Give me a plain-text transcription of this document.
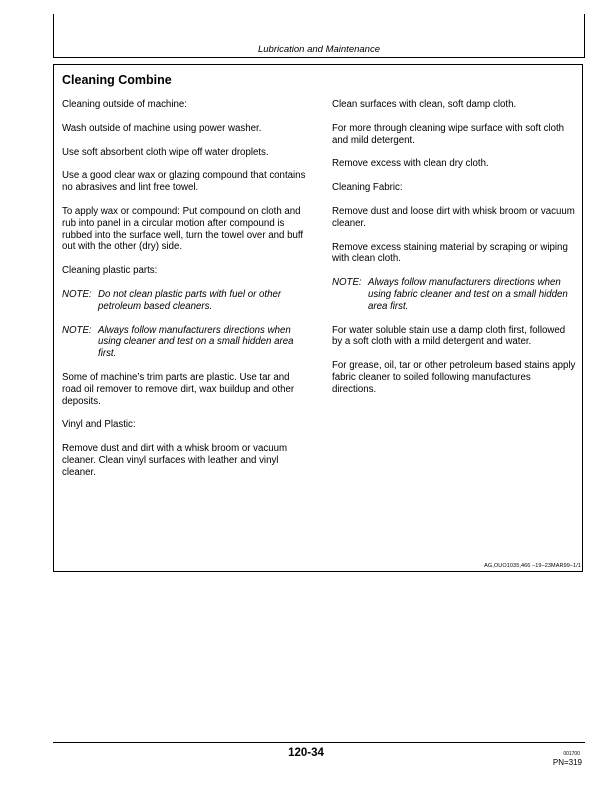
Lubrication and Maintenance
Cleaning Combine

Cleaning outside of machine:

Wash outside of machine using power washer.

Use soft absorbent cloth wipe off water droplets.

Use a good clear wax or glazing compound that contains no abrasives and lint free towel.

To apply wax or compound: Put compound on cloth and rub into panel in a circular motion after compound is rubbed into the surface well, turn the towel over and buff out with the other (dry) side.

Cleaning plastic parts:

NOTE: Do not clean plastic parts with fuel or other petroleum based cleaners.

NOTE: Always follow manufacturers directions when using cleaner and test on a small hidden area first.

Some of machine’s trim parts are plastic. Use tar and road oil remover to remove dirt, wax buildup and other deposits.

Vinyl and Plastic:

Remove dust and dirt with a whisk broom or vacuum cleaner. Clean vinyl surfaces with leather and vinyl cleaner.

Clean surfaces with clean, soft damp cloth.

For more through cleaning wipe surface with soft cloth and mild detergent.

Remove excess with clean dry cloth.

Cleaning Fabric:

Remove dust and loose dirt with whisk broom or vacuum cleaner.

Remove excess staining material by scraping or wiping with clean cloth.

NOTE: Always follow manufacturers directions when using fabric cleaner and test on a small hidden area first.

For water soluble stain use a damp cloth first, followed by a soft cloth with a mild detergent and water.

For grease, oil, tar or other petroleum based stains apply fabric cleaner to soiled following manufactures directions.

AG,OUO1035,466 –19–23MAR99–1/1
120-34	001700
PN=319
